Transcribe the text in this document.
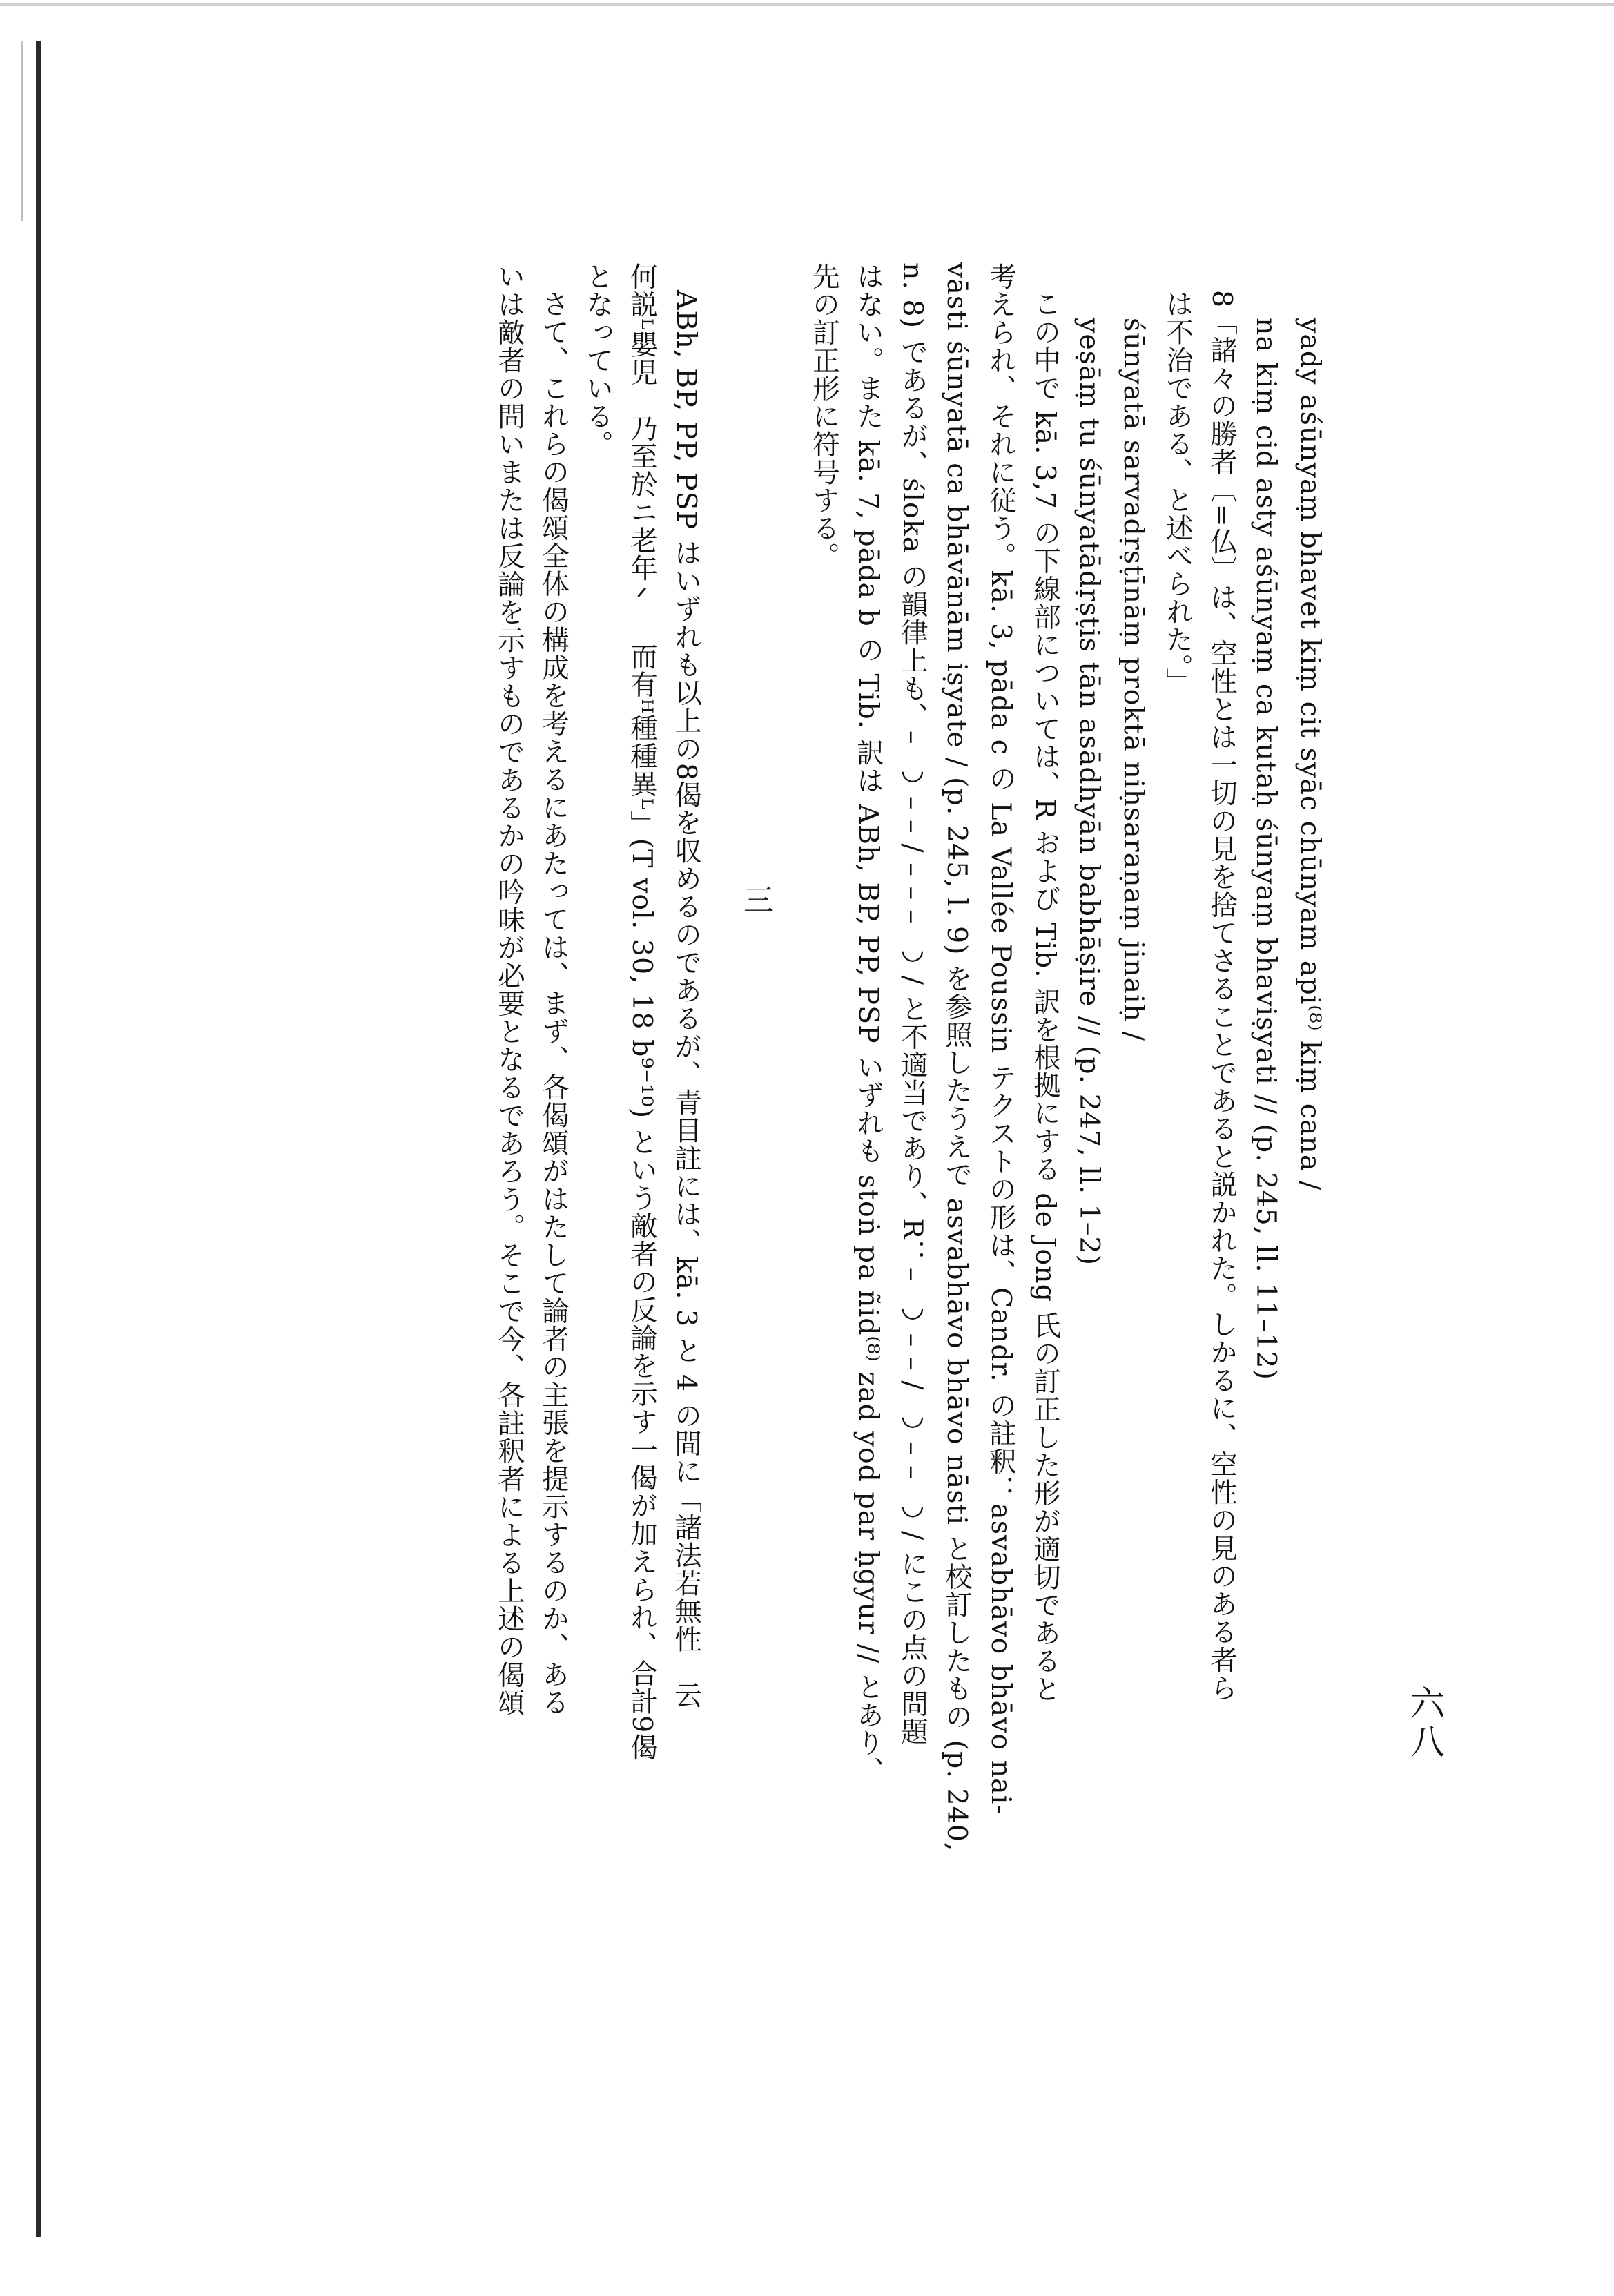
六八
yady aśūnyaṃ bhavet kiṃ cit syāc chūnyam api⁽⁸⁾ kiṃ cana /
na kiṃ cid asty aśūnyaṃ ca kutaḥ śūnyaṃ bhaviṣyati // (p. 245, ll. 11–12)
8「諸々の勝者〔=仏〕は、空性とは一切の見を捨てさることであると説かれた。しかるに、空性の見のある者ら
は不治である、と述べられた。」
śūnyatā sarvadṛṣṭīnāṃ proktā niḥsaraṇaṃ jinaiḥ /
yeṣāṃ tu śūnyatādṛṣṭis tān asādhyān babhāṣire // (p. 247, ll. 1–2)
この中で kā. 3,7 の下線部については、R および Tib. 訳を根拠にする de Jong 氏の訂正した形が適切であると
考えられ、それに従う。kā. 3, pāda c の La Vallée Poussin テクストの形は、Candr. の註釈：asvabhāvo bhāvo nai-
vāsti śūnyatā ca bhāvānām iṣyate / (p. 245, l. 9) を参照したうえで asvabhāvo bhāvo nāsti と校訂したもの (p. 240,
n. 8) であるが、śloka の韻律上も、– ◡ – – / – – – ◡ / と不適当であり、R：– ◡ – – / ◡ – – ◡ / にこの点の問題
はない。また kā. 7, pāda b の Tib. 訳は ABh, BP, PP, PSP いずれも stoṅ pa ñid⁽⁸⁾ zad yod par ḥgyur // とあり、
先の訂正形に符号する。
三
ABh, BP, PP, PSP はいずれも以上の8偈を収めるのであるが、青目註には、kā. 3 と 4 の間に「諸法若無性　云
何説ᴸ嬰児　乃至於ニ老年ᐟ　而有ᴴ種種異ᴸ」(T vol. 30, 18 b⁹⁻¹⁰) という敵者の反論を示す一偈が加えられ、合計9偈
となっている。
さて、これらの偈頌全体の構成を考えるにあたっては、まず、各偈頌がはたして論者の主張を提示するのか、ある
いは敵者の問いまたは反論を示すものであるかの吟味が必要となるであろう。そこで今、各註釈者による上述の偈頌
